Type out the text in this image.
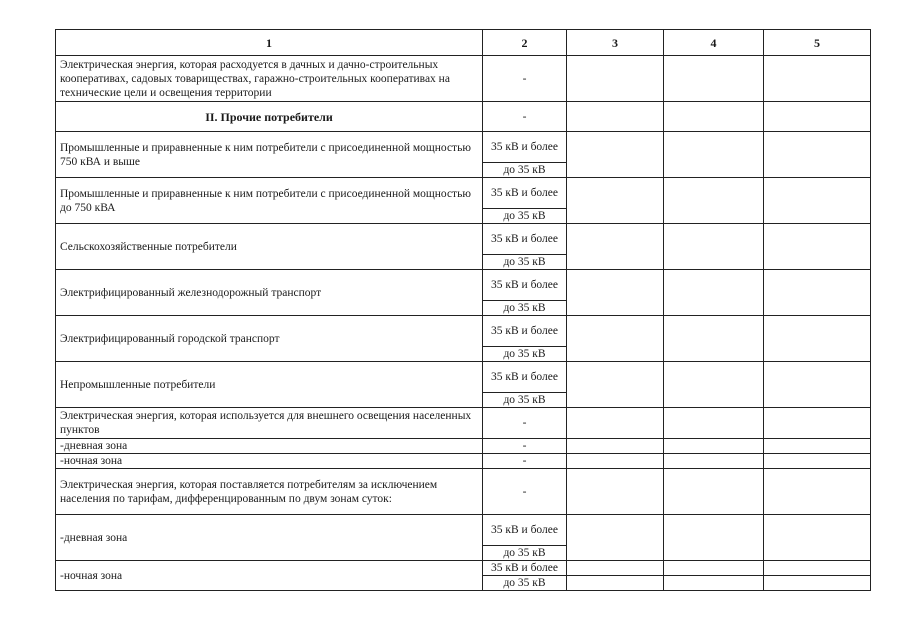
1	2	3	4	5
Электрическая энергия, которая расходуется в дачных и дачно-строительных кооперативах, садовых товариществах, гаражно-строительных кооперативах на технические цели и освещения территории	-			
II. Прочие потребители	-			
Промышленные и приравненные к ним потребители с присоединенной мощностью 750 кВА и выше	35 кВ и более			
	до 35 кВ			
Промышленные и приравненные к ним потребители с присоединенной мощностью до 750 кВА	35 кВ и более			
	до 35 кВ			
Сельскохозяйственные потребители	35 кВ и более			
	до 35 кВ			
Электрифицированный железнодорожный транспорт	35 кВ и более			
	до 35 кВ			
Электрифицированный городской транспорт	35 кВ и более			
	до 35 кВ			
Непромышленные потребители	35 кВ и более			
	до 35 кВ			
Электрическая энергия, которая используется для внешнего освещения населенных пунктов	-			
-дневная зона	-			
-ночная зона	-			
Электрическая энергия, которая поставляется потребителям за исключением населения по тарифам, дифференцированным по двум зонам суток:	-			
-дневная зона	35 кВ и более			
	до 35 кВ			
-ночная зона	35 кВ и более			
	до 35 кВ			
